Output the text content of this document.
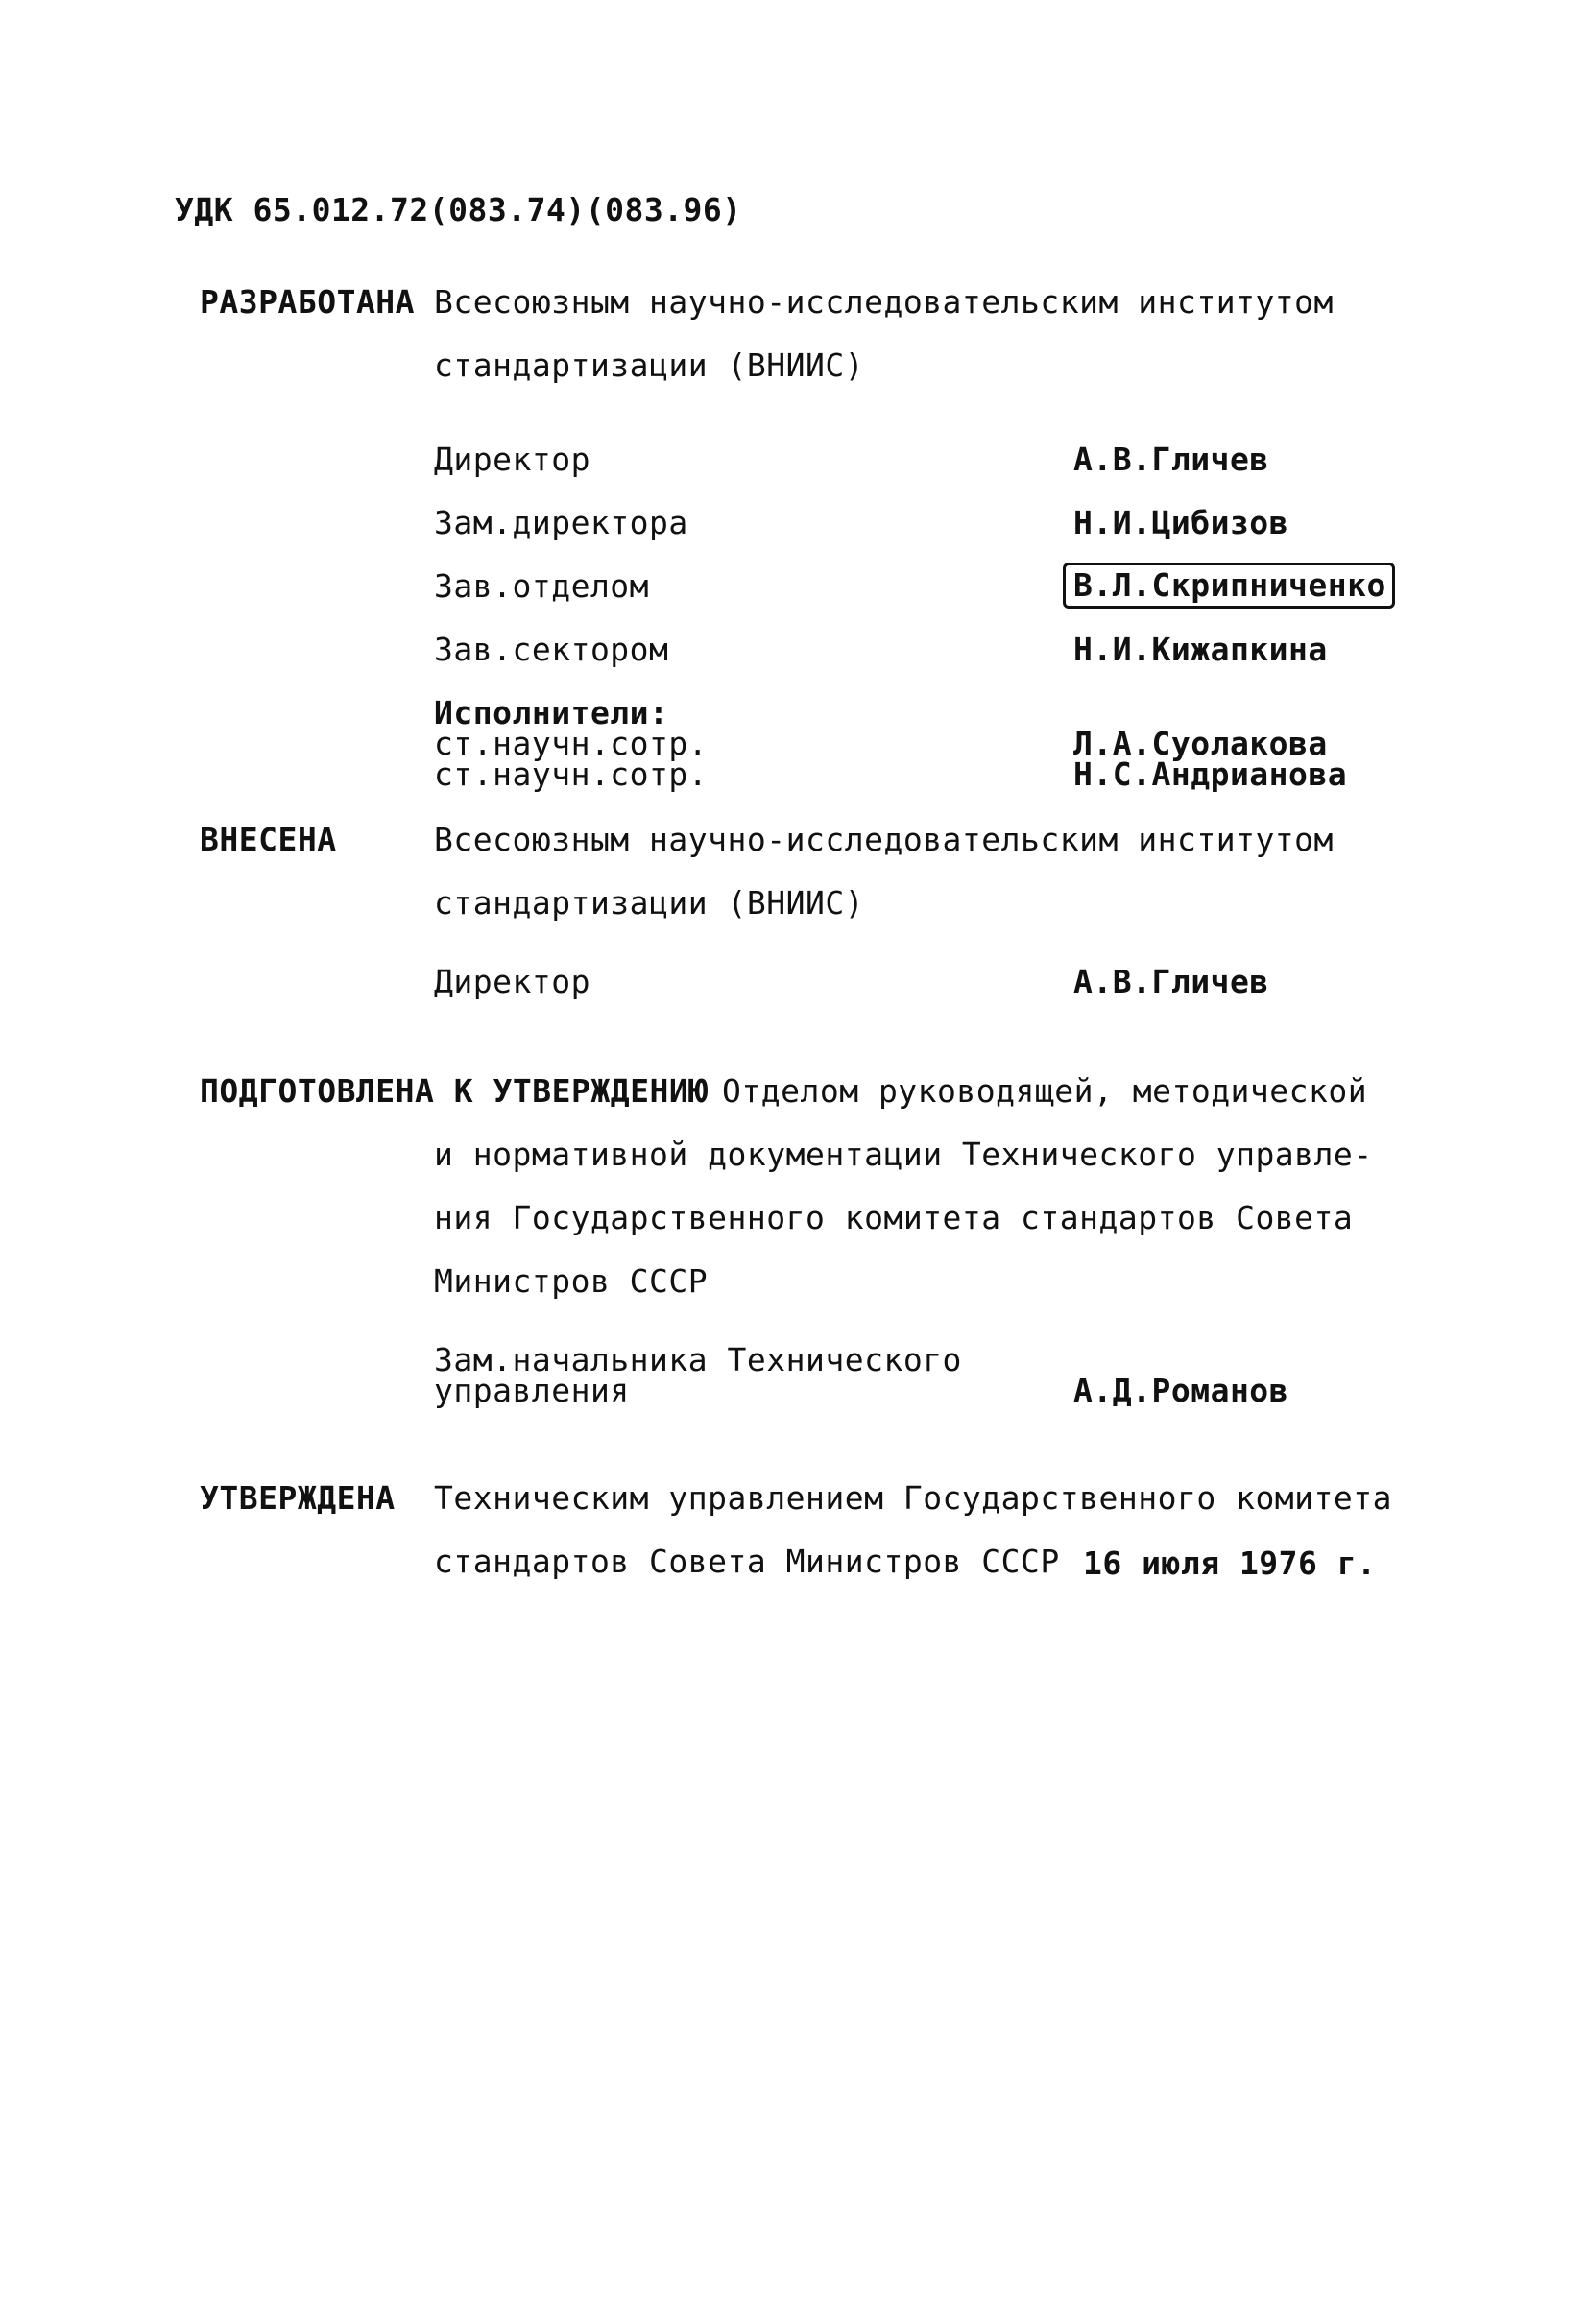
УДК 65.012.72(083.74)(083.96)
РАЗРАБОТАНА Всесоюзным научно-исследовательским институтом
стандартизации (ВНИИС)
Директор	А.В.Гличев
Зам.директора	Н.И.Цибизов
Зав.отделом	В.Л.Скрипниченко
Зав.сектором	Н.И.Кижапкина
Исполнители:
ст.научн.сотр.	Л.А.Суолакова
ст.научн.сотр.	Н.С.Андрианова
ВНЕСЕНА	Всесоюзным научно-исследовательским институтом
стандартизации (ВНИИС)
Директор	А.В.Гличев
ПОДГОТОВЛЕНА К УТВЕРЖДЕНИЮ Отделом руководящей, методической
и нормативной документации Технического управле-
ния Государственного комитета стандартов Совета
Министров СССР
Зам.начальника Технического
управления	А.Д.Романов
УТВЕРЖДЕНА Техническим управлением Государственного комитета
стандартов Совета Министров СССР 16 июля 1976 г.
